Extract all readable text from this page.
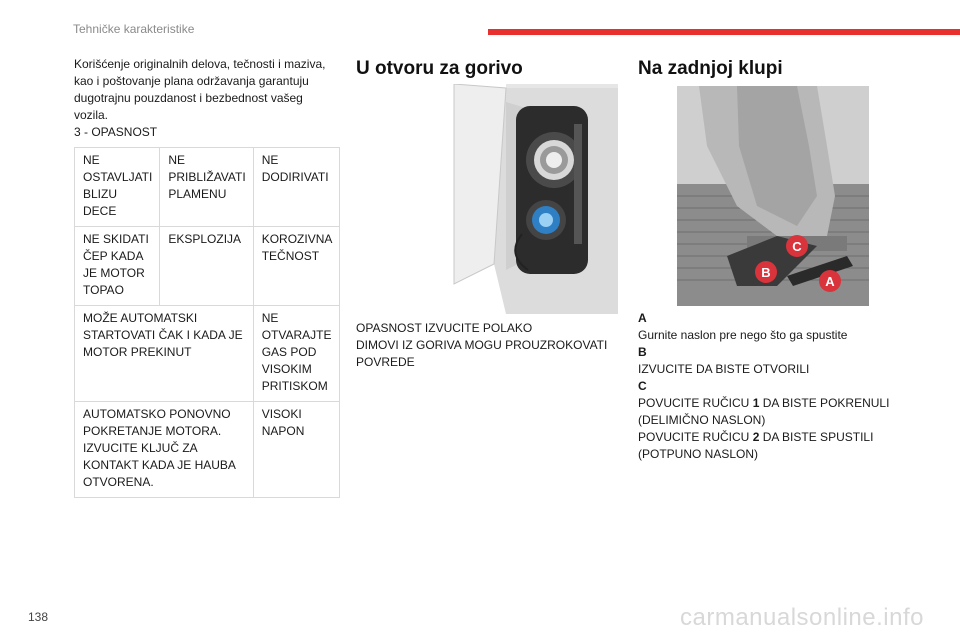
Tehničke karakteristike

Korišćenje originalnih delova, tečnosti i maziva, kao i poštovanje plana održavanja garantuju dugotrajnu pouzdanost i bezbednost vašeg vozila.

3 - OPASNOST

NE OSTAVLJATI BLIZU DECE	NE PRIBLIŽAVATI PLAMENU	NE DODIRIVATI
NE SKIDATI ČEP KADA JE MOTOR TOPAO	EKSPLOZIJA	KOROZIVNA TEČNOST
MOŽE AUTOMATSKI STARTOVATI ČAK I KADA JE MOTOR PREKINUT		NE OTVARAJTE GAS POD VISOKIM PRITISKOM
AUTOMATSKO PONOVNO POKRETANJE MOTORA. IZVUCITE KLJUČ ZA KONTAKT KADA JE HAUBA OTVORENA.		VISOKI NAPON
U otvoru za gorivo

OPASNOST IZVUCITE POLAKO

DIMOVI IZ GORIVA MOGU PROUZROKOVATI POVREDE

Na zadnjoj klupi
C
B
A

A

Gurnite naslon pre nego što ga spustite

B

IZVUCITE DA BISTE OTVORILI

C

POVUCITE RUČICU 1 DA BISTE POKRENULI (DELIMIČNO NASLON)

POVUCITE RUČICU 2 DA BISTE SPUSTILI (POTPUNO NASLON)

138	carmanualsonline.info
